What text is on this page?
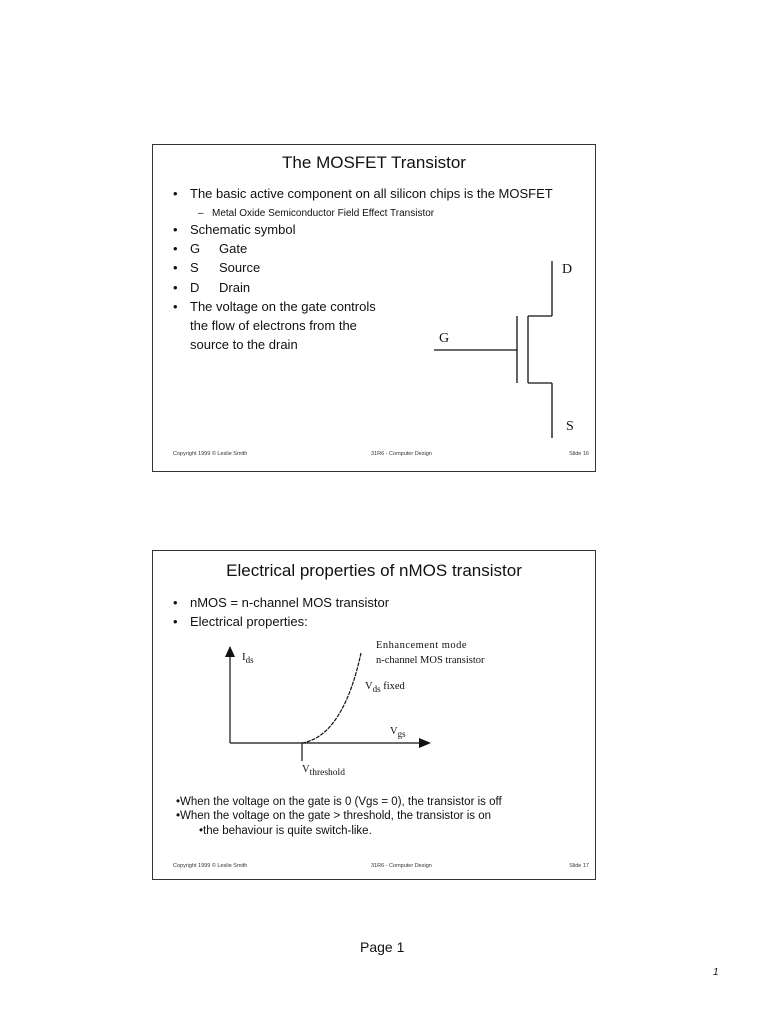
The MOSFET Transistor
• The basic active component on all silicon chips is the MOSFET
– Metal Oxide Semiconductor Field Effect Transistor
• Schematic symbol
• G Gate
• S Source
• D Drain
• The voltage on the gate controls
the flow of electrons from the
source to the drain
D
G
S
Copyright 1999 © Leslie Smith	31R6 - Computer Design	Slide 16
Electrical properties of nMOS transistor
• nMOS = n-channel MOS transistor
• Electrical properties:
$I_{ds}$
Enhancement mode
n-channel MOS transistor
$V_{ds}$ fixed
$V_{gs}$
$V_{threshold}$
•When the voltage on the gate is 0 (Vgs = 0), the transistor is off
•When the voltage on the gate > threshold, the transistor is on
•the behaviour is quite switch-like.
Copyright 1999 © Leslie Smith	31R6 - Computer Design	Slide 17
Page 1
1
